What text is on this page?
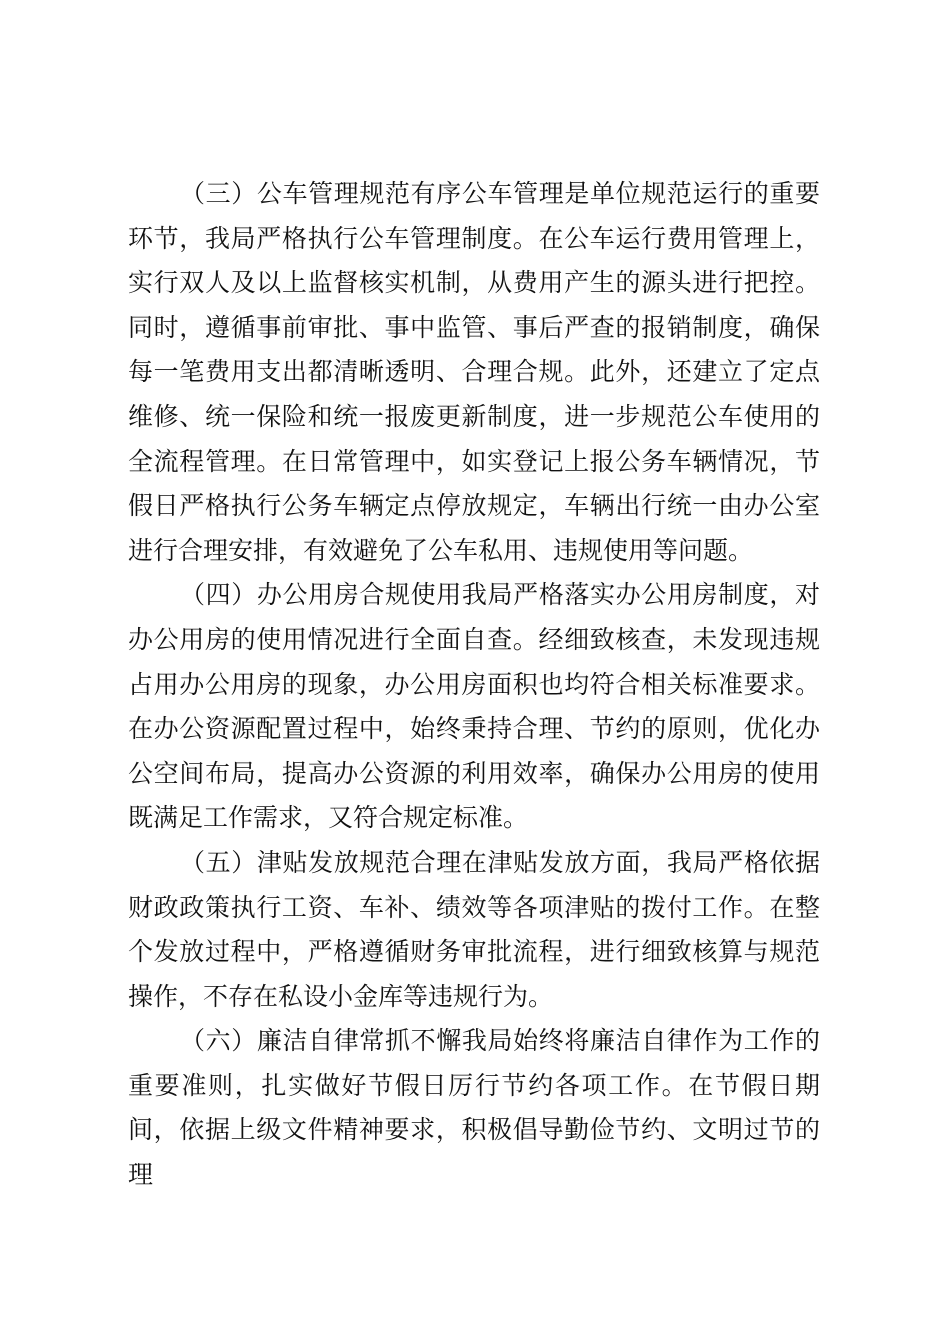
（三）公车管理规范有序公车管理是单位规范运行的重要环节，我局严格执行公车管理制度。在公车运行费用管理上，实行双人及以上监督核实机制，从费用产生的源头进行把控。同时，遵循事前审批、事中监管、事后严查的报销制度，确保每一笔费用支出都清晰透明、合理合规。此外，还建立了定点维修、统一保险和统一报废更新制度，进一步规范公车使用的全流程管理。在日常管理中，如实登记上报公务车辆情况，节假日严格执行公务车辆定点停放规定，车辆出行统一由办公室进行合理安排，有效避免了公车私用、违规使用等问题。

（四）办公用房合规使用我局严格落实办公用房制度，对办公用房的使用情况进行全面自查。经细致核查，未发现违规占用办公用房的现象，办公用房面积也均符合相关标准要求。在办公资源配置过程中，始终秉持合理、节约的原则，优化办公空间布局，提高办公资源的利用效率，确保办公用房的使用既满足工作需求，又符合规定标准。

（五）津贴发放规范合理在津贴发放方面，我局严格依据财政政策执行工资、车补、绩效等各项津贴的拨付工作。在整个发放过程中，严格遵循财务审批流程，进行细致核算与规范操作，不存在私设小金库等违规行为。

（六）廉洁自律常抓不懈我局始终将廉洁自律作为工作的重要准则，扎实做好节假日厉行节约各项工作。在节假日期间，依据上级文件精神要求，积极倡导勤俭节约、文明过节的理
